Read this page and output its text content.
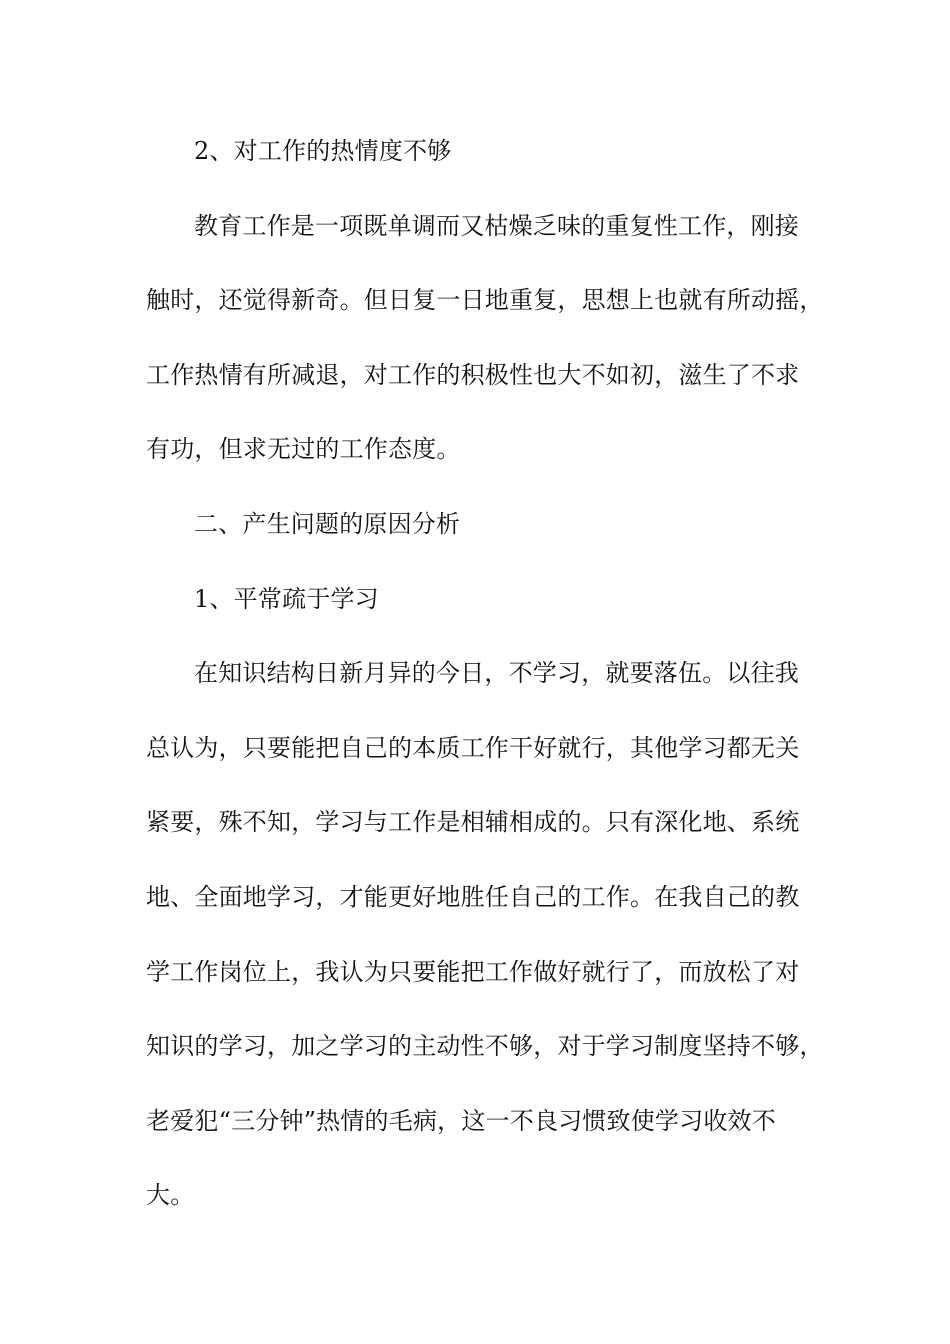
2、对工作的热情度不够
教育工作是一项既单调而又枯燥乏味的重复性工作，刚接
触时，还觉得新奇。但日复一日地重复，思想上也就有所动摇，
工作热情有所减退，对工作的积极性也大不如初，滋生了不求
有功，但求无过的工作态度。
二、产生问题的原因分析
1、平常疏于学习
在知识结构日新月异的今日，不学习，就要落伍。以往我
总认为，只要能把自己的本质工作干好就行，其他学习都无关
紧要，殊不知，学习与工作是相辅相成的。只有深化地、系统
地、全面地学习，才能更好地胜任自己的工作。在我自己的教
学工作岗位上，我认为只要能把工作做好就行了，而放松了对
知识的学习，加之学习的主动性不够，对于学习制度坚持不够，
老爱犯“三分钟”热情的毛病，这一不良习惯致使学习收效不
大。
